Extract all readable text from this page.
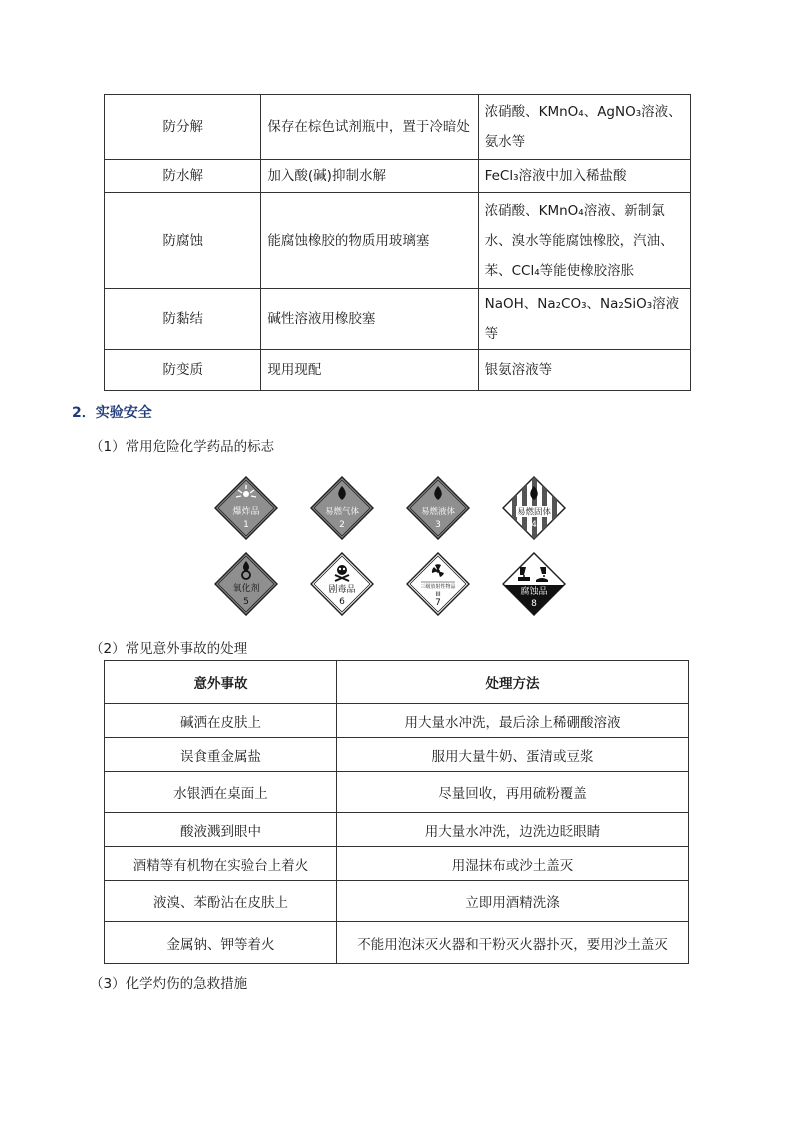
防分解	保存在棕色试剂瓶中，置于冷暗处	浓硝酸、KMnO₄、AgNO₃溶液、氨水等
防水解	加入酸(碱)抑制水解	FeCl₃溶液中加入稀盐酸
防腐蚀	能腐蚀橡胶的物质用玻璃塞	浓硝酸、KMnO₄溶液、新制氯水、溴水等能腐蚀橡胶，汽油、苯、CCl₄等能使橡胶溶胀
防黏结	碱性溶液用橡胶塞	NaOH、Na₂CO₃、Na₂SiO₃溶液等
防变质	现用现配	银氨溶液等
2．实验安全
（1）常用危险化学药品的标志
爆炸品
1
易燃气体
2
易燃液体
3
易燃固体
4
氧化剂
5
剧毒品
6
三级放射性物品
III
7
腐蚀品
8
（2）常见意外事故的处理
意外事故	处理方法
碱洒在皮肤上	用大量水冲洗，最后涂上稀硼酸溶液
误食重金属盐	服用大量牛奶、蛋清或豆浆
水银洒在桌面上	尽量回收，再用硫粉覆盖
酸液溅到眼中	用大量水冲洗，边洗边眨眼睛
酒精等有机物在实验台上着火	用湿抹布或沙土盖灭
液溴、苯酚沾在皮肤上	立即用酒精洗涤
金属钠、钾等着火	不能用泡沫灭火器和干粉灭火器扑灭，要用沙土盖灭
（3）化学灼伤的急救措施
